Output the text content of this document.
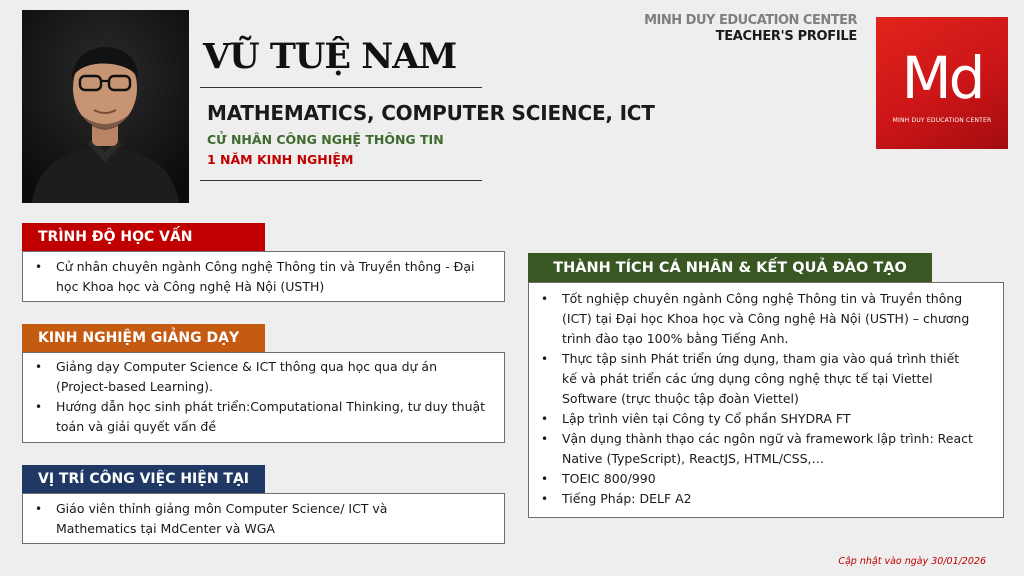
VŨ TUỆ NAM
MATHEMATICS, COMPUTER SCIENCE, ICT
CỬ NHÂN CÔNG NGHỆ THÔNG TIN
1 NĂM KINH NGHIỆM
MINH DUY EDUCATION CENTER
TEACHER'S PROFILE
Md
MINH DUY EDUCATION CENTER
TRÌNH ĐỘ HỌC VẤN
• Cử nhân chuyên ngành Công nghệ Thông tin và Truyền thông - Đại học Khoa học và Công nghệ Hà Nội (USTH)
KINH NGHIỆM GIẢNG DẠY
• Giảng dạy Computer Science & ICT thông qua học qua dự án (Project-based Learning).
• Hướng dẫn học sinh phát triển:Computational Thinking, tư duy thuật toán và giải quyết vấn đề
VỊ TRÍ CÔNG VIỆC HIỆN TẠI
• Giáo viên thỉnh giảng môn Computer Science/ ICT và Mathematics tại MdCenter và WGA
THÀNH TÍCH CÁ NHÂN & KẾT QUẢ ĐÀO TẠO
• Tốt nghiệp chuyên ngành Công nghệ Thông tin và Truyền thông (ICT) tại Đại học Khoa học và Công nghệ Hà Nội (USTH) – chương trình đào tạo 100% bằng Tiếng Anh.
• Thực tập sinh Phát triển ứng dụng, tham gia vào quá trình thiết kế và phát triển các ứng dụng công nghệ thực tế tại Viettel Software (trực thuộc tập đoàn Viettel)
• Lập trình viên tại Công ty Cổ phần SHYDRA FT
• Vận dụng thành thạo các ngôn ngữ và framework lập trình: React Native (TypeScript), ReactJS, HTML/CSS,…
• TOEIC 800/990
• Tiếng Pháp: DELF A2
Cập nhật vào ngày 30/01/2026
